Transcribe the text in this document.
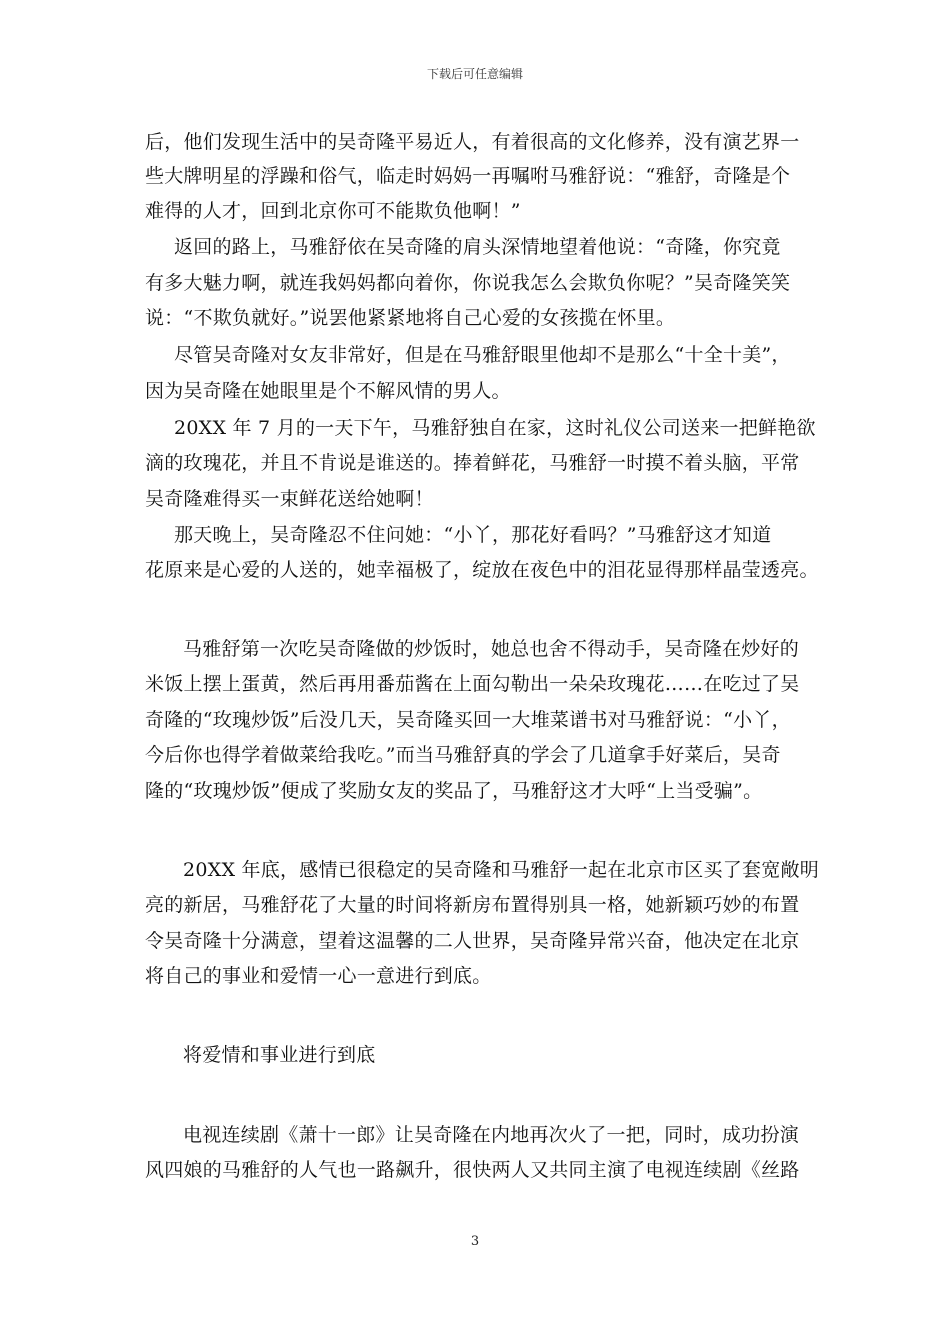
下载后可任意编辑
后，他们发现生活中的吴奇隆平易近人，有着很高的文化修养，没有演艺界一
些大牌明星的浮躁和俗气，临走时妈妈一再嘱咐马雅舒说：“雅舒，奇隆是个
难得的人才，回到北京你可不能欺负他啊！”
返回的路上，马雅舒依在吴奇隆的肩头深情地望着他说：“奇隆，你究竟
有多大魅力啊，就连我妈妈都向着你，你说我怎么会欺负你呢？”吴奇隆笑笑
说：“不欺负就好。”说罢他紧紧地将自己心爱的女孩揽在怀里。
尽管吴奇隆对女友非常好，但是在马雅舒眼里他却不是那么“十全十美”，
因为吴奇隆在她眼里是个不解风情的男人。
20XX 年 7 月的一天下午，马雅舒独自在家，这时礼仪公司送来一把鲜艳欲
滴的玫瑰花，并且不肯说是谁送的。捧着鲜花，马雅舒一时摸不着头脑，平常
吴奇隆难得买一束鲜花送给她啊！
那天晚上，吴奇隆忍不住问她：“小丫，那花好看吗？”马雅舒这才知道
花原来是心爱的人送的，她幸福极了，绽放在夜色中的泪花显得那样晶莹透亮。
马雅舒第一次吃吴奇隆做的炒饭时，她总也舍不得动手，吴奇隆在炒好的
米饭上摆上蛋黄，然后再用番茄酱在上面勾勒出一朵朵玫瑰花……在吃过了吴
奇隆的“玫瑰炒饭”后没几天，吴奇隆买回一大堆菜谱书对马雅舒说：“小丫，
今后你也得学着做菜给我吃。”而当马雅舒真的学会了几道拿手好菜后，吴奇
隆的“玫瑰炒饭”便成了奖励女友的奖品了，马雅舒这才大呼“上当受骗”。
20XX 年底，感情已很稳定的吴奇隆和马雅舒一起在北京市区买了套宽敞明
亮的新居，马雅舒花了大量的时间将新房布置得别具一格，她新颖巧妙的布置
令吴奇隆十分满意，望着这温馨的二人世界，吴奇隆异常兴奋，他决定在北京
将自己的事业和爱情一心一意进行到底。
将爱情和事业进行到底
电视连续剧《萧十一郎》让吴奇隆在内地再次火了一把，同时，成功扮演
风四娘的马雅舒的人气也一路飙升，很快两人又共同主演了电视连续剧《丝路
3
